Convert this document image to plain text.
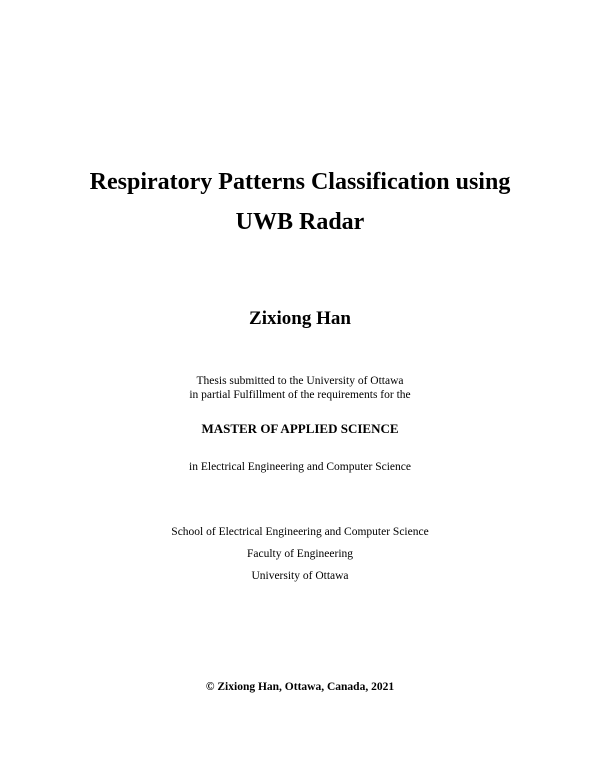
Respiratory Patterns Classification using
UWB Radar
Zixiong Han
Thesis submitted to the University of Ottawa
in partial Fulfillment of the requirements for the
MASTER OF APPLIED SCIENCE
in Electrical Engineering and Computer Science
School of Electrical Engineering and Computer Science
Faculty of Engineering
University of Ottawa
© Zixiong Han, Ottawa, Canada, 2021
